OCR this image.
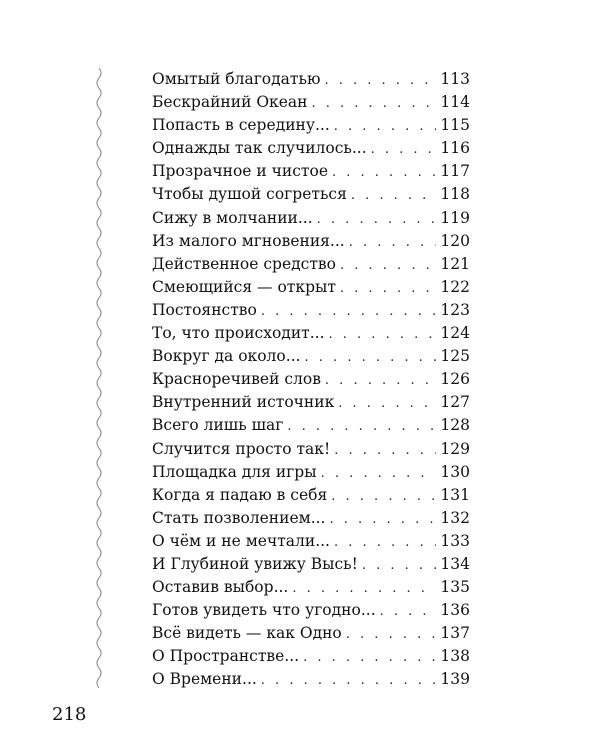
Омытый благодатью . . .	113
Бескрайний Океан . . .	114
Попасть в середину... . . .	115
Однажды так случилось... . . .	116
Прозрачное и чистое . . .	117
Чтобы душой согреться . . .	118
Сижу в молчании... . . .	119
Из малого мгновения... . . .	120
Действенное средство . . .	121
Смеющийся — открыт . . .	122
Постоянство . . .	123
То, что происходит... . . .	124
Вокруг да около... . . .	125
Красноречивей слов . . .	126
Внутренний источник . . .	127
Всего лишь шаг . . .	128
Случится просто так! . . .	129
Площадка для игры . . .	130
Когда я падаю в себя . . .	131
Стать позволением... . . .	132
О чём и не мечтали... . . .	133
И Глубиной увижу Высь! . . .	134
Оставив выбор... . . .	135
Готов увидеть что угодно... . . .	136
Всё видеть — как Одно . . .	137
О Пространстве... . . .	138
О Времени... . . .	139
218
